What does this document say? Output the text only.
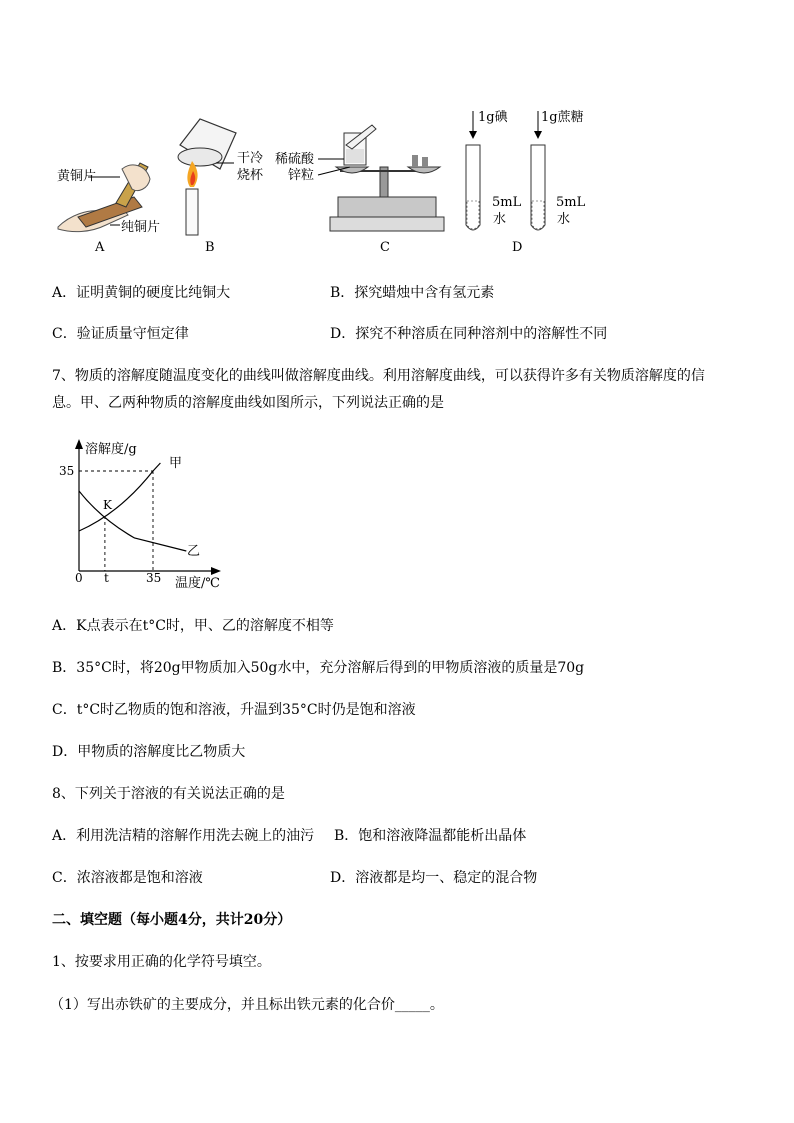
黄铜片
纯铜片
A
干冷
烧杯
B
稀硫酸
锌粒
C
1g碘	1g蔗糖
5mL
水
5mL
水
D
A．证明黄铜的硬度比纯铜大	B．探究蜡烛中含有氢元素
C．验证质量守恒定律	D．探究不种溶质在同种溶剂中的溶解性不同
7、物质的溶解度随温度变化的曲线叫做溶解度曲线。利用溶解度曲线，可以获得许多有关物质溶解度的信
息。甲、乙两种物质的溶解度曲线如图所示，下列说法正确的是
溶解度/g
温度/℃
0 t	35
35
K
甲
乙
A．K点表示在t°C时，甲、乙的溶解度不相等
B．35°C时，将20g甲物质加入50g水中，充分溶解后得到的甲物质溶液的质量是70g
C．t°C时乙物质的饱和溶液，升温到35°C时仍是饱和溶液
D．甲物质的溶解度比乙物质大
8、下列关于溶液的有关说法正确的是
A．利用洗洁精的溶解作用洗去碗上的油污 B．饱和溶液降温都能析出晶体
C．浓溶液都是饱和溶液	D．溶液都是均一、稳定的混合物
二、填空题（每小题4分，共计20分）
1、按要求用正确的化学符号填空。
（1）写出赤铁矿的主要成分，并且标出铁元素的化合价_____。
